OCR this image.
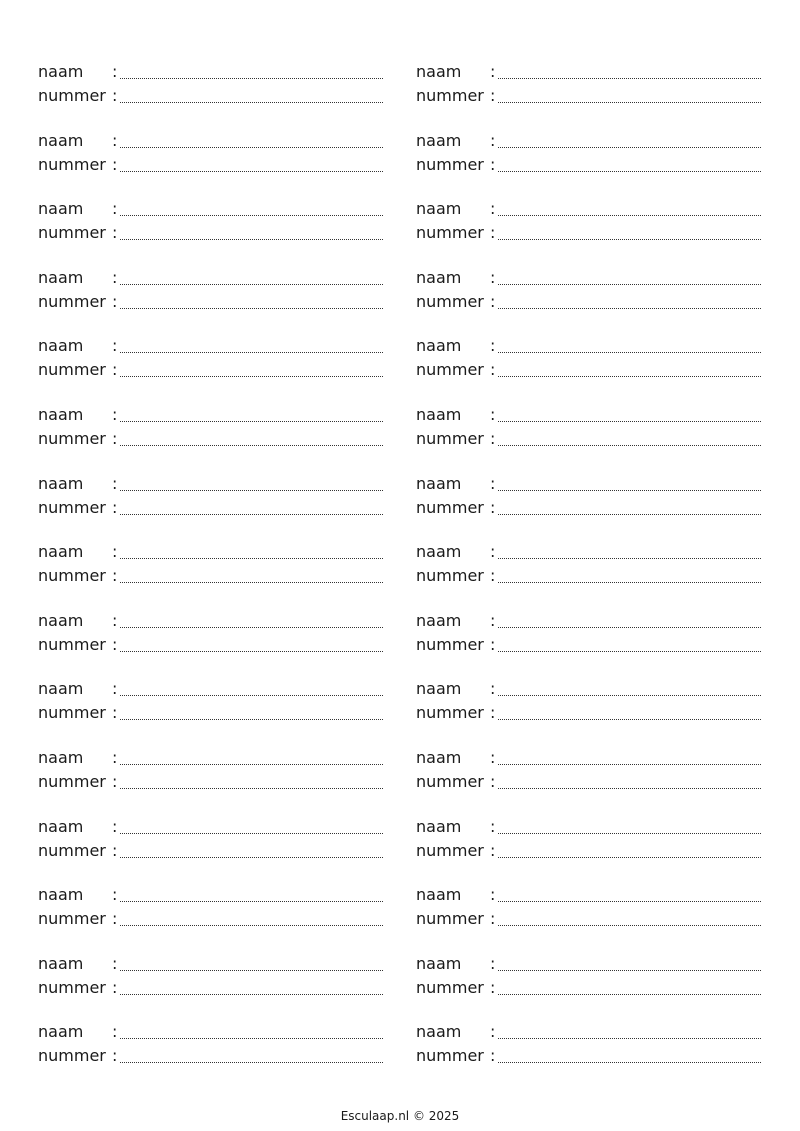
naam :
nummer :
naam :
nummer :
naam :
nummer :
naam :
nummer :
naam :
nummer :
naam :
nummer :
naam :
nummer :
naam :
nummer :
naam :
nummer :
naam :
nummer :
naam :
nummer :
naam :
nummer :
naam :
nummer :
naam :
nummer :
naam :
nummer :
naam :
nummer :
naam :
nummer :
naam :
nummer :
naam :
nummer :
naam :
nummer :
naam :
nummer :
naam :
nummer :
naam :
nummer :
naam :
nummer :
naam :
nummer :
naam :
nummer :
naam :
nummer :
naam :
nummer :
naam :
nummer :
naam :
nummer :
Esculaap.nl © 2025
